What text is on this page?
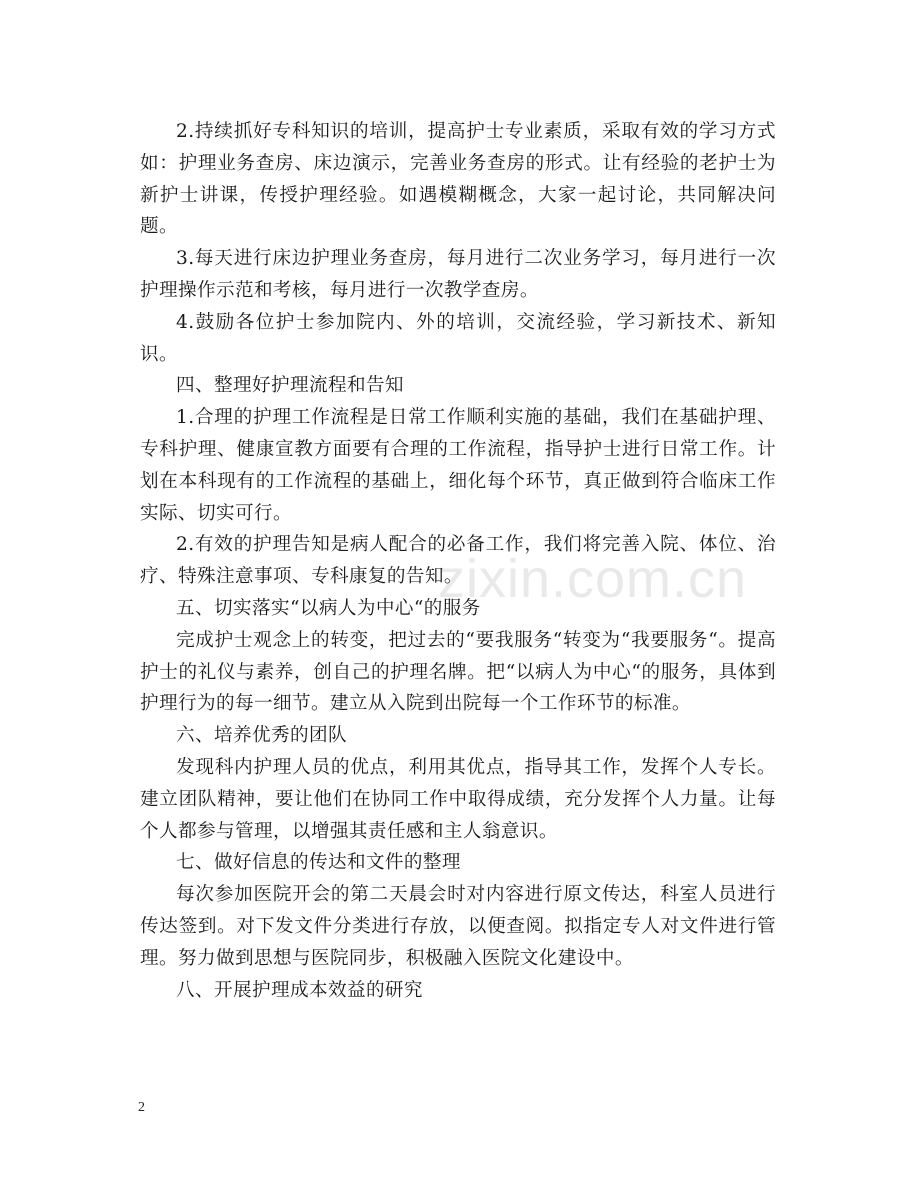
zixin.com.cn

2.持续抓好专科知识的培训，提高护士专业素质，采取有效的学习方式如：护理业务查房、床边演示，完善业务查房的形式。让有经验的老护士为新护士讲课，传授护理经验。如遇模糊概念，大家一起讨论，共同解决问题。

3.每天进行床边护理业务查房，每月进行二次业务学习，每月进行一次护理操作示范和考核，每月进行一次教学查房。

4.鼓励各位护士参加院内、外的培训，交流经验，学习新技术、新知识。

四、整理好护理流程和告知

1.合理的护理工作流程是日常工作顺利实施的基础，我们在基础护理、专科护理、健康宣教方面要有合理的工作流程，指导护士进行日常工作。计划在本科现有的工作流程的基础上，细化每个环节，真正做到符合临床工作实际、切实可行。

2.有效的护理告知是病人配合的必备工作，我们将完善入院、体位、治疗、特殊注意事项、专科康复的告知。

五、切实落实“以病人为中心“的服务

完成护士观念上的转变，把过去的“要我服务“转变为“我要服务“。提高护士的礼仪与素养，创自己的护理名牌。把“以病人为中心“的服务，具体到护理行为的每一细节。建立从入院到出院每一个工作环节的标准。

六、培养优秀的团队

发现科内护理人员的优点，利用其优点，指导其工作，发挥个人专长。建立团队精神，要让他们在协同工作中取得成绩，充分发挥个人力量。让每个人都参与管理，以增强其责任感和主人翁意识。

七、做好信息的传达和文件的整理

每次参加医院开会的第二天晨会时对内容进行原文传达，科室人员进行传达签到。对下发文件分类进行存放，以便查阅。拟指定专人对文件进行管理。努力做到思想与医院同步，积极融入医院文化建设中。

八、开展护理成本效益的研究

2
